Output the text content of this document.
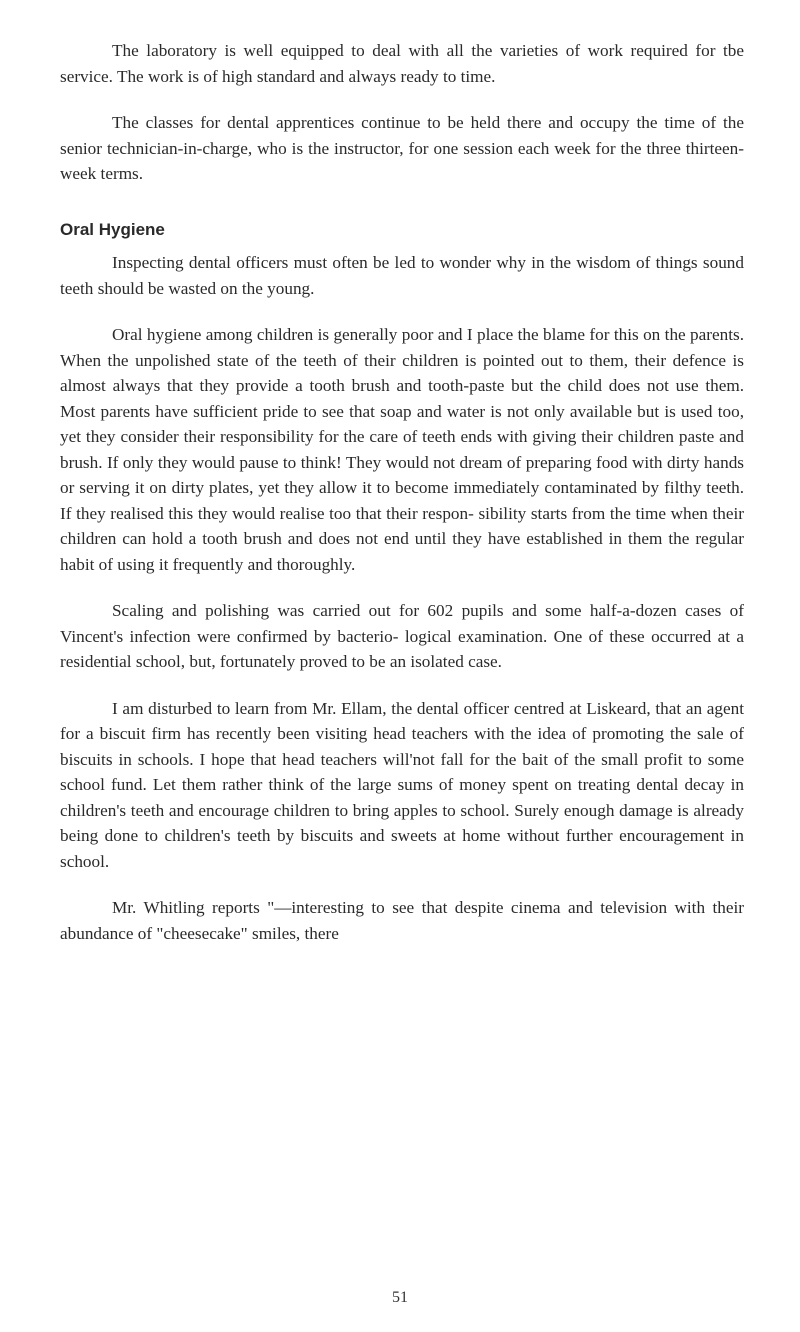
The laboratory is well equipped to deal with all the varieties of work required for tbe service. The work is of high standard and always ready to time.

The classes for dental apprentices continue to be held there and occupy the time of the senior technician-in-charge, who is the instructor, for one session each week for the three thirteen-week terms.

Oral Hygiene

Inspecting dental officers must often be led to wonder why in the wisdom of things sound teeth should be wasted on the young.

Oral hygiene among children is generally poor and I place the blame for this on the parents. When the unpolished state of the teeth of their children is pointed out to them, their defence is almost always that they provide a tooth brush and tooth-paste but the child does not use them. Most parents have sufficient pride to see that soap and water is not only available but is used too, yet they consider their responsibility for the care of teeth ends with giving their children paste and brush. If only they would pause to think! They would not dream of preparing food with dirty hands or serving it on dirty plates, yet they allow it to become immediately contaminated by filthy teeth. If they realised this they would realise too that their respon- sibility starts from the time when their children can hold a tooth brush and does not end until they have established in them the regular habit of using it frequently and thoroughly.

Scaling and polishing was carried out for 602 pupils and some half-a-dozen cases of Vincent's infection were confirmed by bacterio- logical examination. One of these occurred at a residential school, but, fortunately proved to be an isolated case.

I am disturbed to learn from Mr. Ellam, the dental officer centred at Liskeard, that an agent for a biscuit firm has recently been visiting head teachers with the idea of promoting the sale of biscuits in schools. I hope that head teachers will'not fall for the bait of the small profit to some school fund. Let them rather think of the large sums of money spent on treating dental decay in children's teeth and encourage children to bring apples to school. Surely enough damage is already being done to children's teeth by biscuits and sweets at home without further encouragement in school.

Mr. Whitling reports "—interesting to see that despite cinema and television with their abundance of "cheesecake" smiles, there

51
